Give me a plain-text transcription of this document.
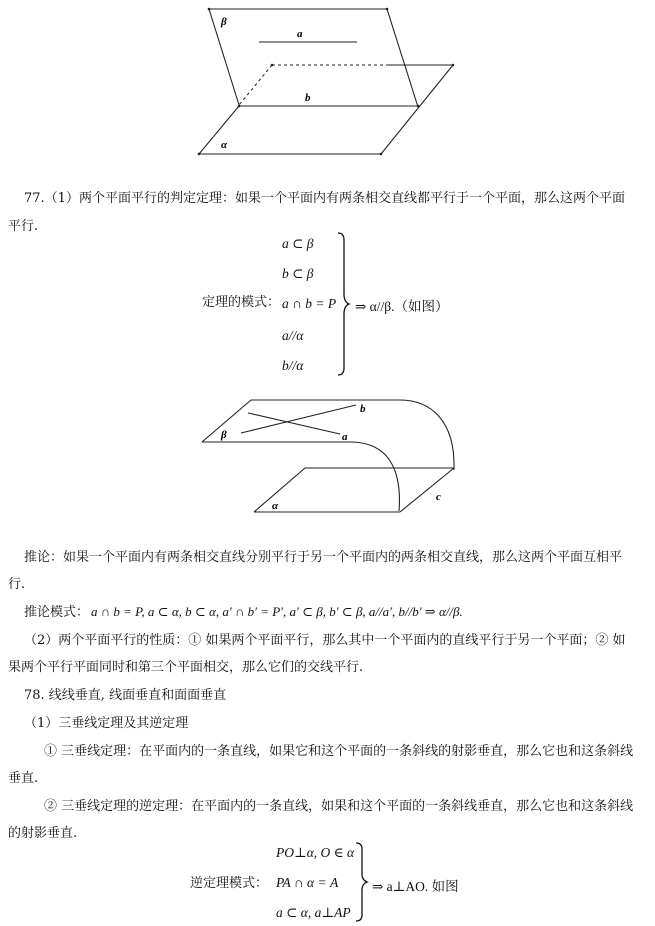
β
a
b
α
77.（1）两个平面平行的判定定理：如果一个平面内有两条相交直线都平行于一个平面，那么这两个平面
平行.
定理的模式：
a ⊂ β
b ⊂ β
a ∩ b = P
a//α
b//α
⇒ α//β.（如图）
b
β	a
α
c
推论：如果一个平面内有两条相交直线分别平行于另一个平面内的两条相交直线，那么这两个平面互相平
行.
推论模式： a ∩ b = P, a ⊂ α, b ⊂ α, a′ ∩ b′ = P′, a′ ⊂ β, b′ ⊂ β, a//a′, b//b′ ⇒ α//β.
（2）两个平面平行的性质：① 如果两个平面平行，那么其中一个平面内的直线平行于另一个平面；② 如
果两个平行平面同时和第三个平面相交，那么它们的交线平行.
78. 线线垂直, 线面垂直和面面垂直
（1）三垂线定理及其逆定理
① 三垂线定理：在平面内的一条直线，如果它和这个平面的一条斜线的射影垂直，那么它也和这条斜线
垂直.
② 三垂线定理的逆定理：在平面内的一条直线，如果和这个平面的一条斜线垂直，那么它也和这条斜线
的射影垂直.
逆定理模式：
PO⊥α, O ∈ α
PA ∩ α = A
a ⊂ α, a⊥AP
⇒ a⊥AO. 如图
